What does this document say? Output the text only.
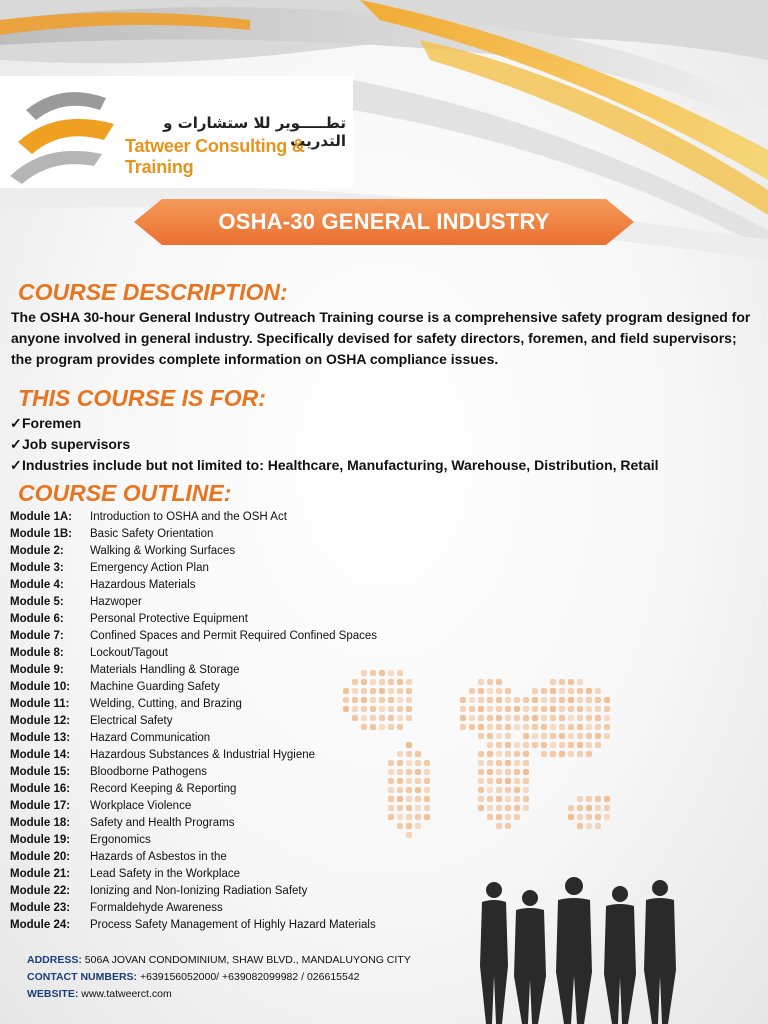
تطـــــوير للا ستشارات و التدريب
Tatweer Consulting & Training
OSHA-30 GENERAL INDUSTRY
COURSE DESCRIPTION:

The OSHA 30-hour General Industry Outreach Training course is a comprehensive safety program designed for anyone involved in general industry. Specifically devised for safety directors, foremen, and field supervisors; the program provides complete information on OSHA compliance issues.

THIS COURSE IS FOR:
✓Foremen
✓Job supervisors
✓Industries include but not limited to: Healthcare, Manufacturing, Warehouse, Distribution, Retail
COURSE OUTLINE:
Module 1A: Introduction to OSHA and the OSH Act
Module 1B: Basic Safety Orientation
Module 2: Walking & Working Surfaces
Module 3: Emergency Action Plan
Module 4: Hazardous Materials
Module 5: Hazwoper
Module 6: Personal Protective Equipment
Module 7: Confined Spaces and Permit Required Confined Spaces
Module 8: Lockout/Tagout
Module 9: Materials Handling & Storage
Module 10: Machine Guarding Safety
Module 11: Welding, Cutting, and Brazing
Module 12: Electrical Safety
Module 13: Hazard Communication
Module 14: Hazardous Substances & Industrial Hygiene
Module 15: Bloodborne Pathogens
Module 16: Record Keeping & Reporting
Module 17: Workplace Violence
Module 18: Safety and Health Programs
Module 19: Ergonomics
Module 20: Hazards of Asbestos in the
Module 21: Lead Safety in the Workplace
Module 22: Ionizing and Non-Ionizing Radiation Safety
Module 23: Formaldehyde Awareness
Module 24: Process Safety Management of Highly Hazard Materials
ADDRESS: 506A JOVAN CONDOMINIUM, SHAW BLVD., MANDALUYONG CITY
CONTACT NUMBERS: +639156052000/ +639082099982 / 026615542
WEBSITE: www.tatweerct.com
